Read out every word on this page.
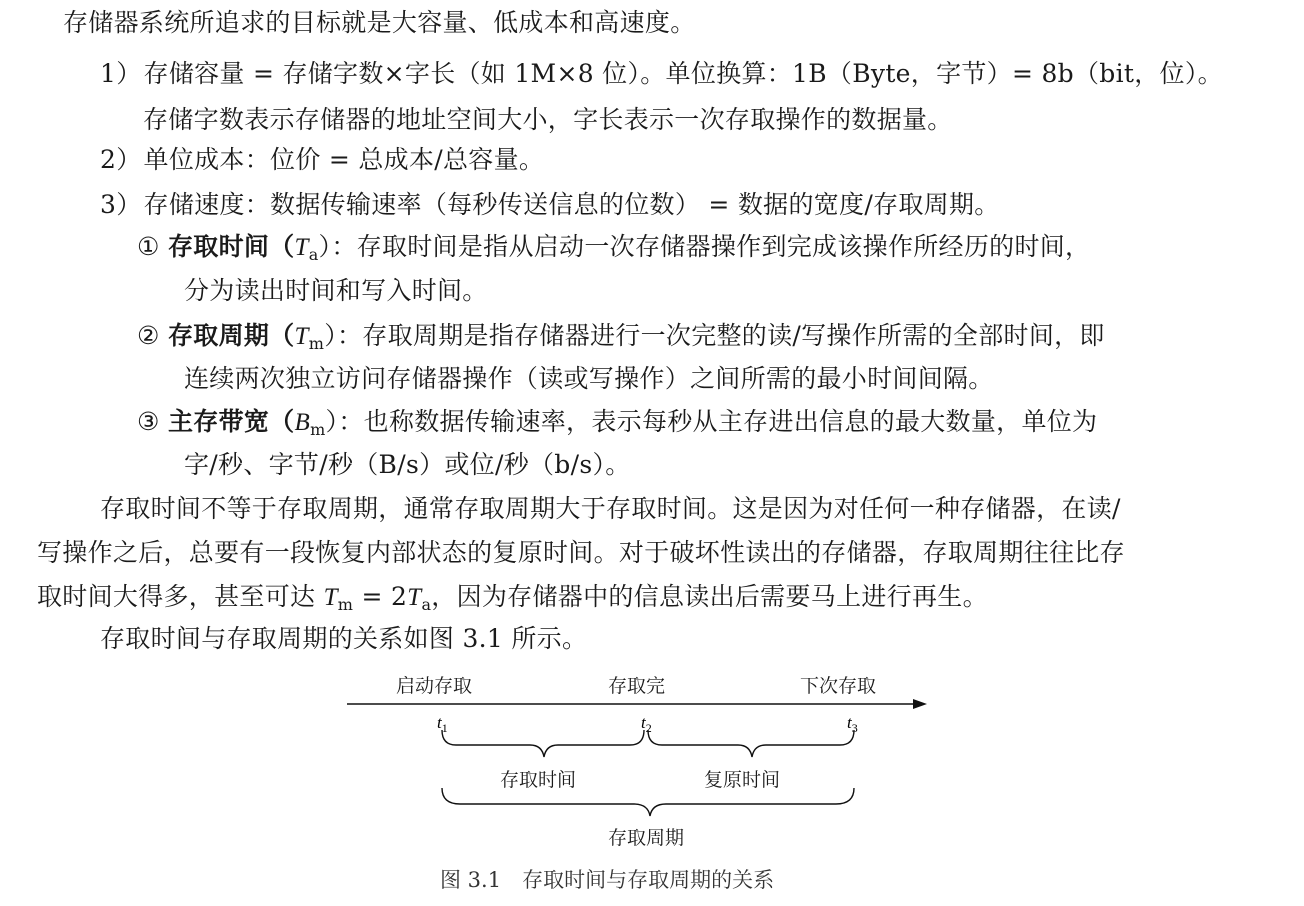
存储器系统所追求的目标就是大容量、低成本和高速度。
1）存储容量 = 存储字数×字长（如 1M×8 位）。单位换算：1B（Byte，字节）= 8b（bit，位）。
存储字数表示存储器的地址空间大小，字长表示一次存取操作的数据量。
2）单位成本：位价 = 总成本/总容量。
3）存储速度：数据传输速率（每秒传送信息的位数） = 数据的宽度/存取周期。
① 存取时间$(T_a)$：存取时间是指从启动一次存储器操作到完成该操作所经历的时间，
分为读出时间和写入时间。
② 存取周期$(T_m)$：存取周期是指存储器进行一次完整的读/写操作所需的全部时间，即
连续两次独立访问存储器操作（读或写操作）之间所需的最小时间间隔。
③ 主存带宽$(B_m)$：也称数据传输速率，表示每秒从主存进出信息的最大数量，单位为
字/秒、字节/秒（B/s）或位/秒（b/s）。
存取时间不等于存取周期，通常存取周期大于存取时间。这是因为对任何一种存储器，在读/
写操作之后，总要有一段恢复内部状态的复原时间。对于破坏性读出的存储器，存取周期往往比存
取时间大得多，甚至可达 $T_m = 2T_a$，因为存储器中的信息读出后需要马上进行再生。
存取时间与存取周期的关系如图 3.1 所示。
启动存取	存取完	下次存取
$t_1$	$t_2$	$t_3$
存取时间	复原时间
存取周期
图 3.1　存取时间与存取周期的关系
